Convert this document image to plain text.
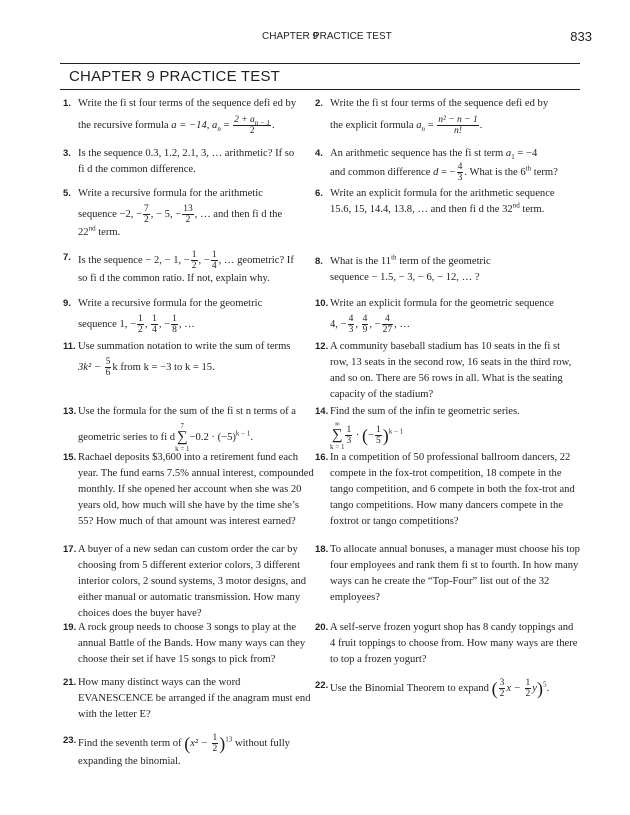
CHAPTER 9
PRACTICE TEST	833
CHAPTER 9 PRACTICE TEST
1. Write the fi st four terms of the sequence defi ed by
the recursive formula a = −14, $a_n = \frac{2 + a_{n - 1}}{2}$ .
2. Write the fi st four terms of the sequence defi ed by
the explicit formula $a_n = \frac{\text{n² − n − 1}}{n!}$ .
3. Is the sequence 0.3, 1.2, 2.1, 3, … arithmetic? If so
fi d the common difference.
4. An arithmetic sequence has the fi st term $a_1 = -4$
and common difference d = − $\frac{4}{3}$ . What is the 6th term?
5. Write a recursive formula for the arithmetic
sequence −2, − $\frac{7}{2}$ , − 5, − $\frac{13}{2}$ , … and then fi d the
22nd term.
6. Write an explicit formula for the arithmetic sequence
15.6, 15, 14.4, 13.8, … and then fi d the 32nd term.
7. Is the sequence − 2, − 1, − $\frac{1}{2}$ , − $\frac{1}{4}$ , … geometric? If
so fi d the common ratio. If not, explain why.
8. What is the 11th term of the geometric
sequence − 1.5, − 3, − 6, − 12, … ?
9. Write a recursive formula for the geometric
sequence 1, − $\frac{1}{2}$ , $\frac{1}{4}$ , − $\frac{1}{8}$ , …
10. Write an explicit formula for the geometric sequence
4, − $\frac{4}{3}$ , $\frac{4}{9}$ , − $\frac{4}{27}$ , …
11. Use summation notation to write the sum of terms
$3k^2 - \frac{5}{6}$ k from k = −3 to k = 15.
12. A community baseball stadium has 10 seats in the fi st row, 13 seats in the second row, 16 seats in the third row, and so on. There are 56 rows in all. What is the seating capacity of the stadium?
13. Use the formula for the sum of the fi st n terms of a
geometric series to fi d7
∑
$k = 1-0.2 \cdot (-5)^{k - 1}$.
14. Find the sum of the infin te geometric series.
∞
∑
k = 1
$\frac{1}{3}$ · (− $\frac{1}{5} )^{k - 1}$
15. Rachael deposits $3,600 into a retirement fund each year. The fund earns 7.5% annual interest, compounded monthly. If she opened her account when she was 20 years old, how much will she have by the time she’s 55? How much of that amount was interest earned?
16. In a competition of 50 professional ballroom dancers, 22 compete in the fox-trot competition, 18 compete in the tango competition, and 6 compete in both the fox-trot and tango competitions. How many dancers compete in the foxtrot or tango competitions?
17. A buyer of a new sedan can custom order the car by choosing from 5 different exterior colors, 3 different interior colors, 2 sound systems, 3 motor designs, and either manual or automatic transmission. How many choices does the buyer have?
18. To allocate annual bonuses, a manager must choose his top four employees and rank them fi st to fourth. In how many ways can he create the “Top-Four” list out of the 32 employees?
19. A rock group needs to choose 3 songs to play at the annual Battle of the Bands. How many ways can they choose their set if have 15 songs to pick from?
20. A self-serve frozen yogurt shop has 8 candy toppings and 4 fruit toppings to choose from. How many ways are there to top a frozen yogurt?
21. How many distinct ways can the word EVANESCENCE be arranged if the anagram must end with the letter E?
22. Use the Binomial Theorem to expand ( $\frac{3}{2}$ $x - \frac{1}{2} y)^5$.
23. Find the seventh term of $(x^2 - \frac{1}{2} )^{13}$ without fully
expanding the binomial.
